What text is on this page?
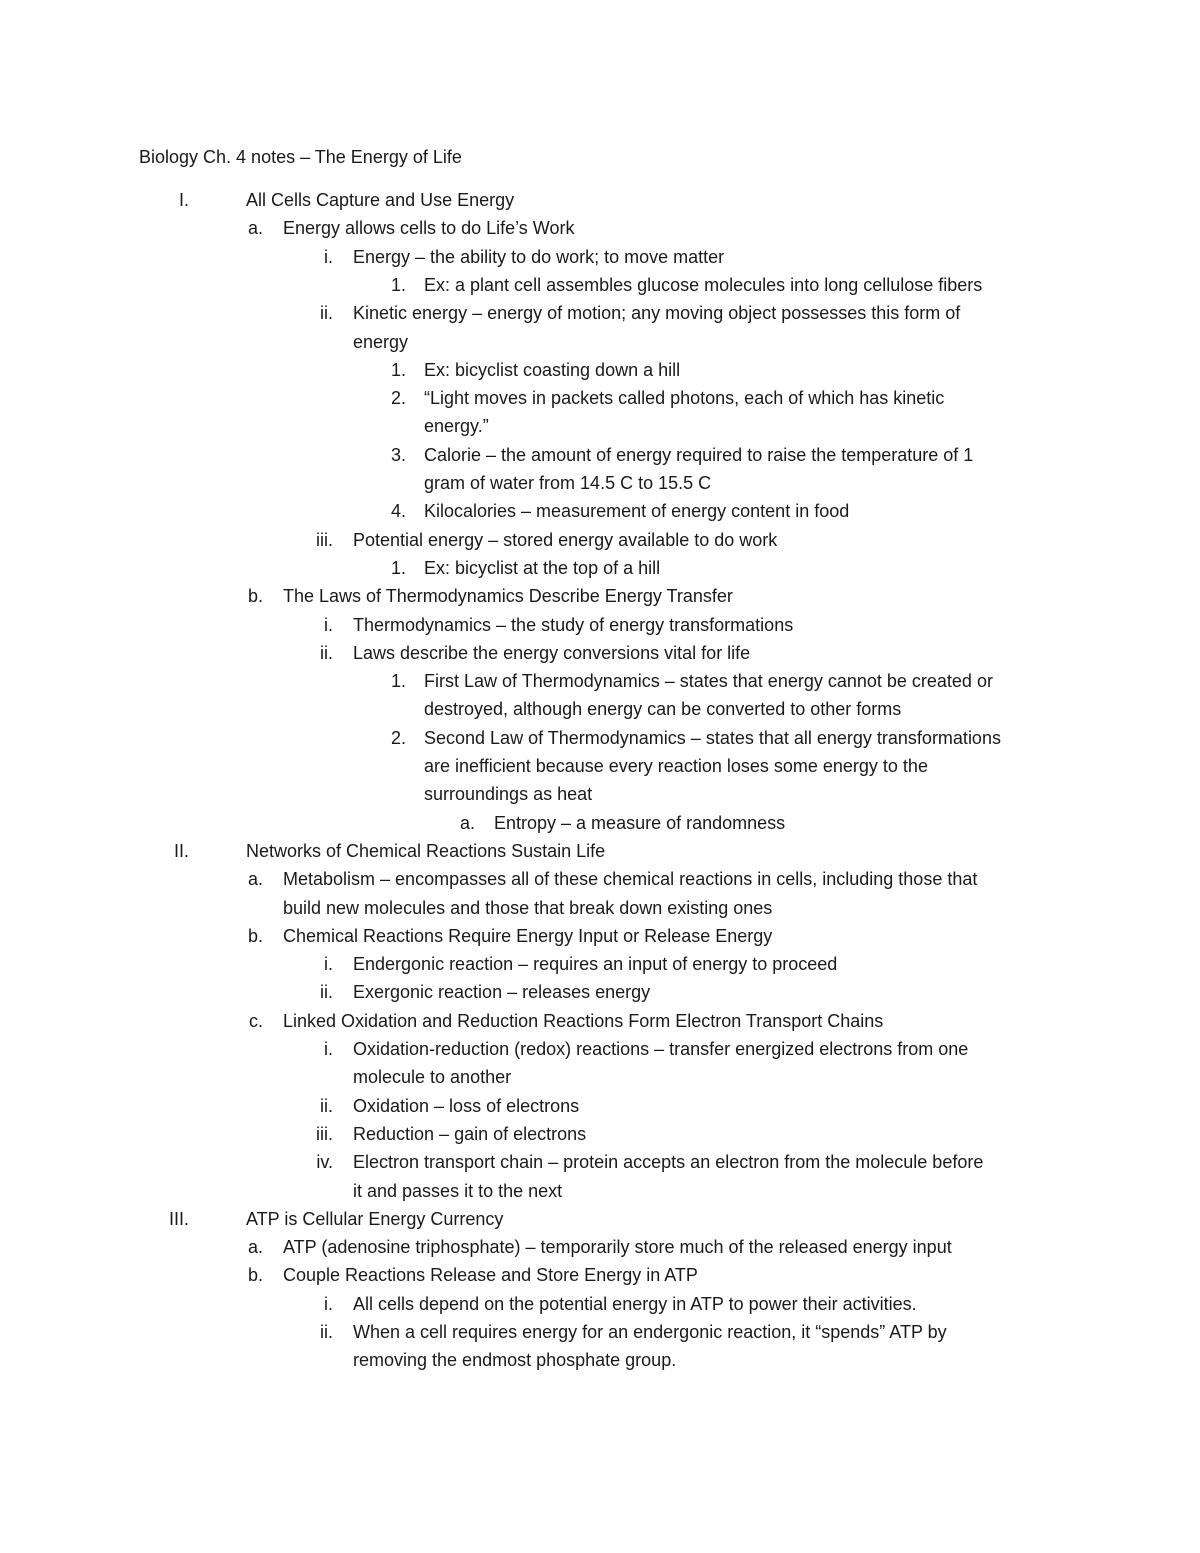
Biology Ch. 4 notes – The Energy of Life
I.	All Cells Capture and Use Energy
a. Energy allows cells to do Life’s Work
i. Energy – the ability to do work; to move matter
1. Ex: a plant cell assembles glucose molecules into long cellulose fibers
ii. Kinetic energy – energy of motion; any moving object possesses this form of
energy
1. Ex: bicyclist coasting down a hill
2. “Light moves in packets called photons, each of which has kinetic
energy.”
3. Calorie – the amount of energy required to raise the temperature of 1
gram of water from 14.5 C to 15.5 C
4. Kilocalories – measurement of energy content in food
iii. Potential energy – stored energy available to do work
1. Ex: bicyclist at the top of a hill
b. The Laws of Thermodynamics Describe Energy Transfer
i. Thermodynamics – the study of energy transformations
ii. Laws describe the energy conversions vital for life
1. First Law of Thermodynamics – states that energy cannot be created or
destroyed, although energy can be converted to other forms
2. Second Law of Thermodynamics – states that all energy transformations
are inefficient because every reaction loses some energy to the
surroundings as heat
a. Entropy – a measure of randomness
II.	Networks of Chemical Reactions Sustain Life
a. Metabolism – encompasses all of these chemical reactions in cells, including those that
build new molecules and those that break down existing ones
b. Chemical Reactions Require Energy Input or Release Energy
i. Endergonic reaction – requires an input of energy to proceed
ii. Exergonic reaction – releases energy
c. Linked Oxidation and Reduction Reactions Form Electron Transport Chains
i. Oxidation-reduction (redox) reactions – transfer energized electrons from one
molecule to another
ii. Oxidation – loss of electrons
iii. Reduction – gain of electrons
iv. Electron transport chain – protein accepts an electron from the molecule before
it and passes it to the next
III.	ATP is Cellular Energy Currency
a. ATP (adenosine triphosphate) – temporarily store much of the released energy input
b. Couple Reactions Release and Store Energy in ATP
i. All cells depend on the potential energy in ATP to power their activities.
ii. When a cell requires energy for an endergonic reaction, it “spends” ATP by
removing the endmost phosphate group.
